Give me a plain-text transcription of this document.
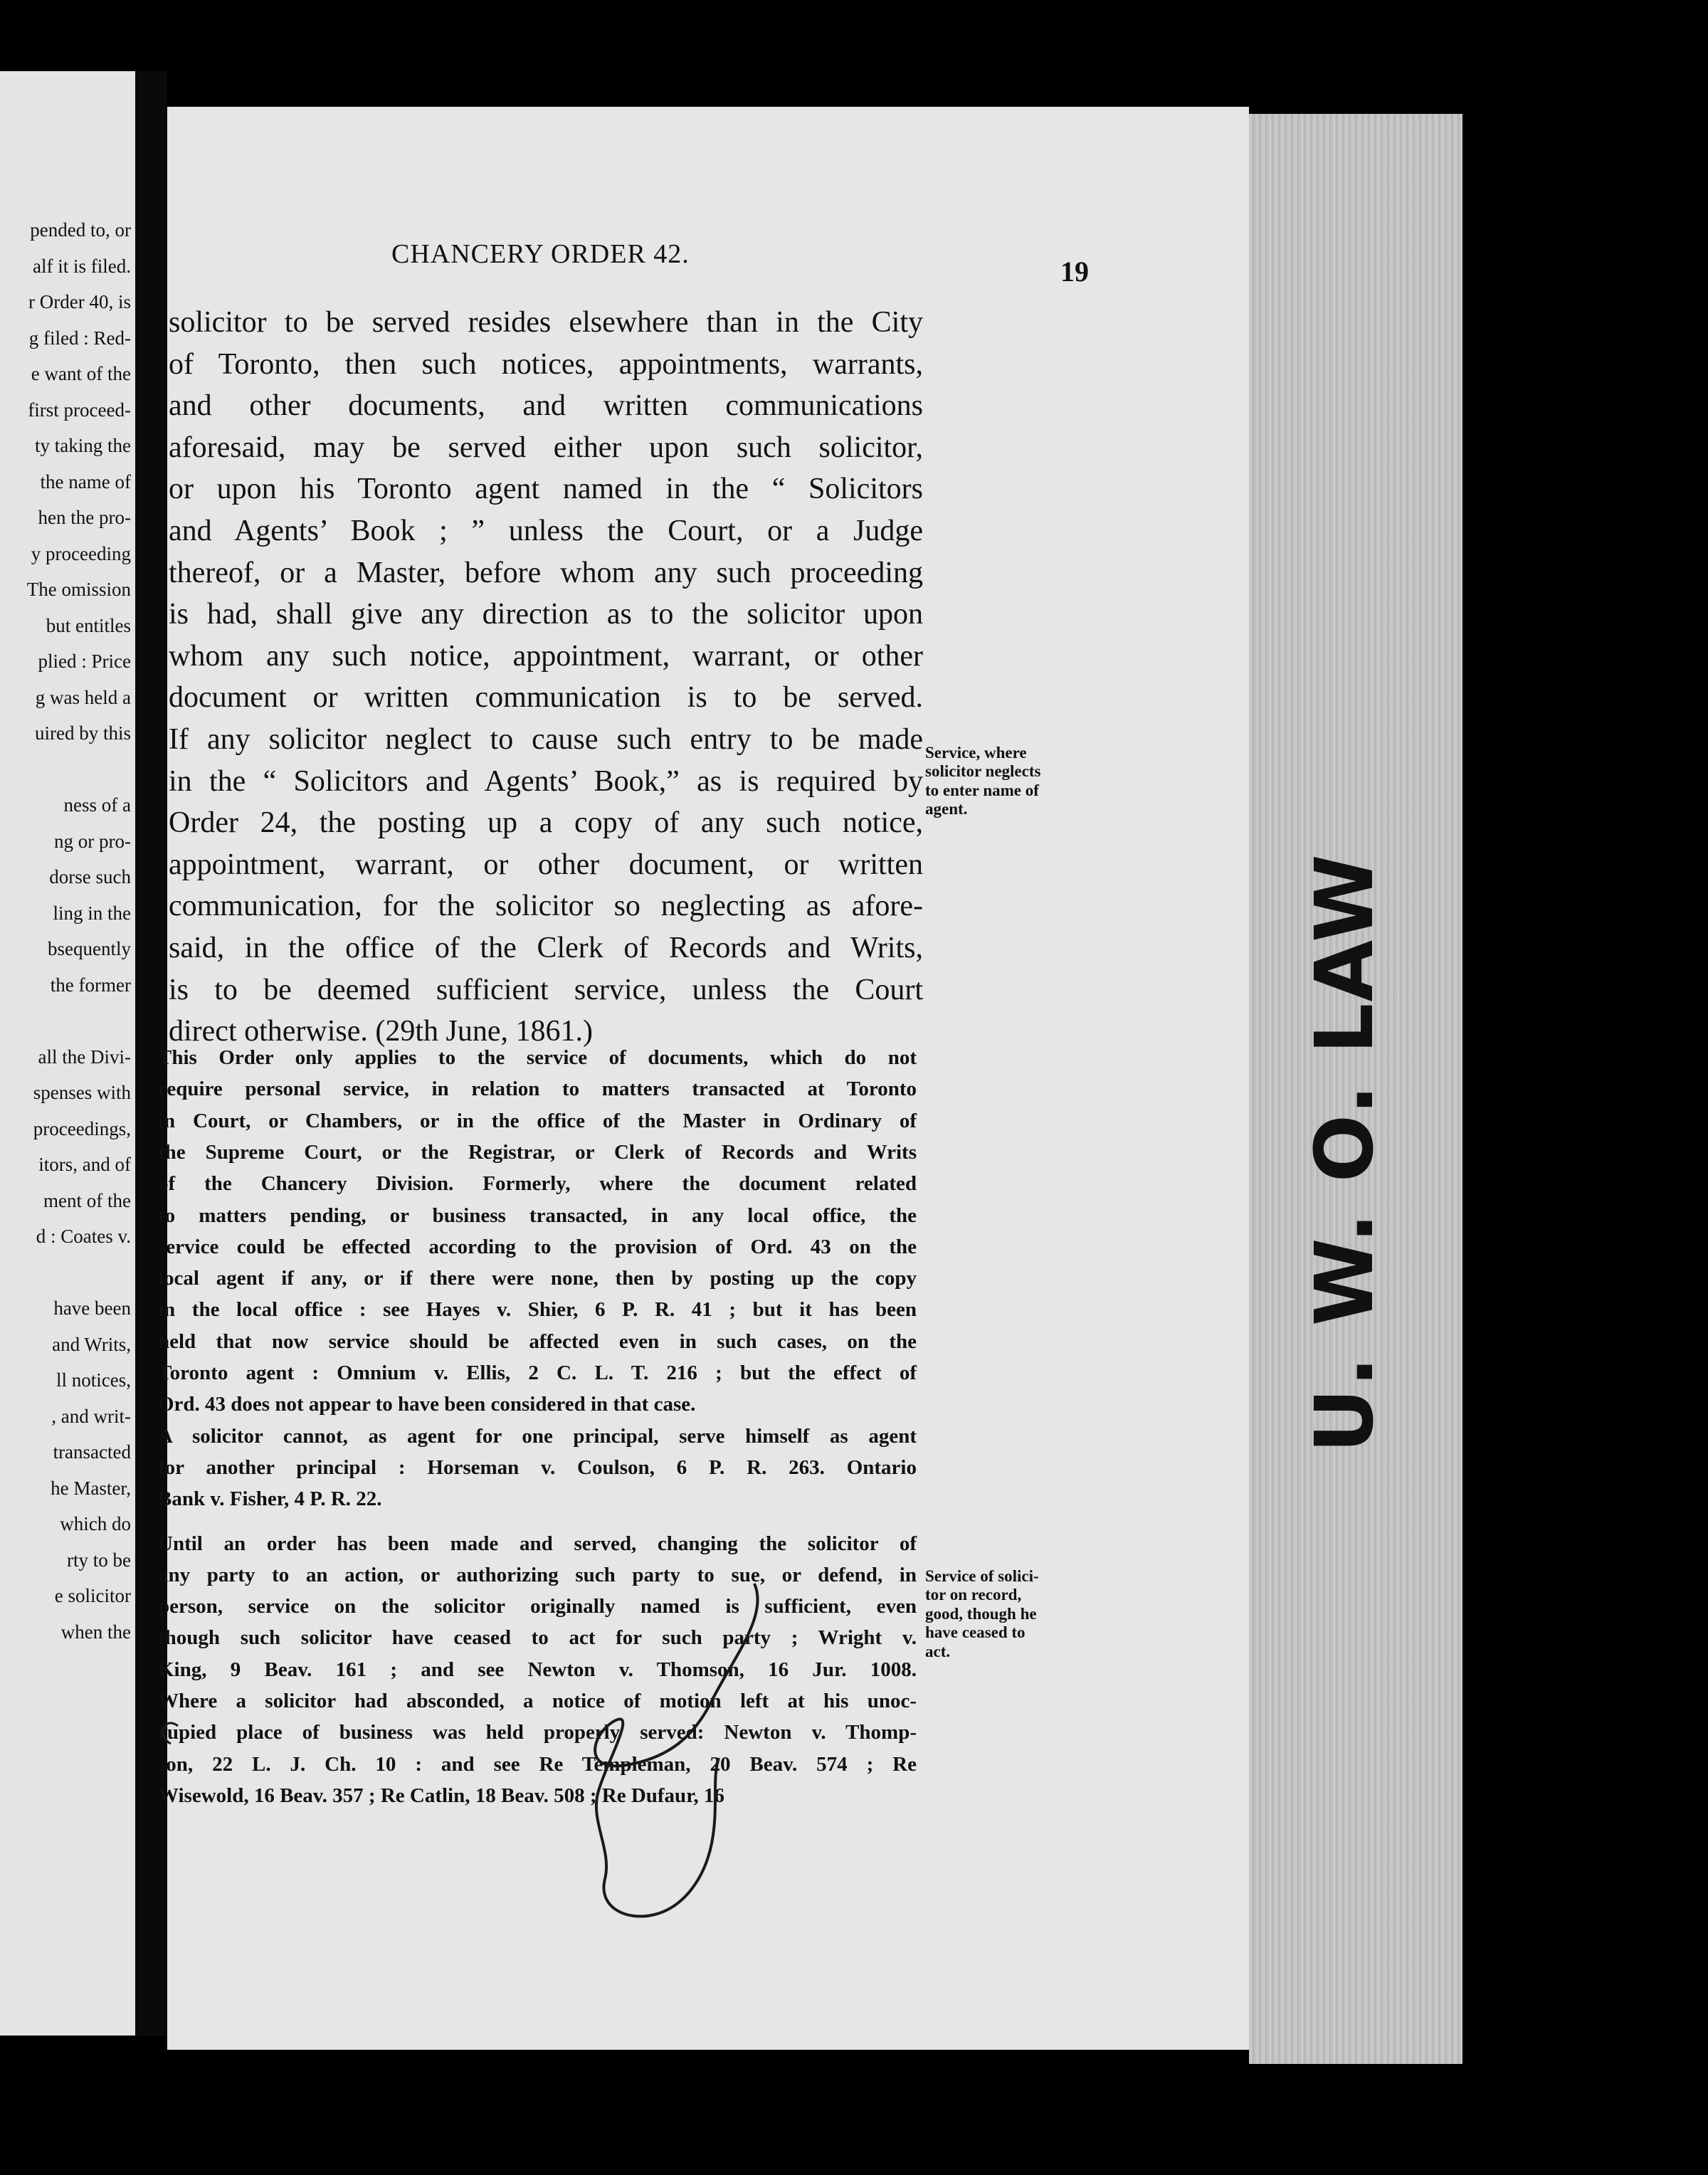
pended to, or
alf it is filed.
r Order 40, is
g filed : Red-
e want of the
first proceed-
ty taking the
the name of
hen the pro-
y proceeding
The omission
but entitles
plied : Price
g was held a
uired by this
ness of a
ng or pro-
dorse such
ling in the
bsequently
the former
all the Divi-
spenses with
proceedings,
itors, and of
ment of the
d : Coates v.
have been
and Writs,
ll notices,
, and writ-
transacted
he Master,
which do
rty to be
e solicitor
when the
U. W. O. LAW
CHANCERY ORDER 42.
19
solicitor to be served resides elsewhere than in the City
of Toronto, then such notices, appointments, warrants,
and other documents, and written communications
aforesaid, may be served either upon such solicitor,
or upon his Toronto agent named in the “ Solicitors
and Agents’ Book ; ” unless the Court, or a Judge
thereof, or a Master, before whom any such proceeding
is had, shall give any direction as to the solicitor upon
whom any such notice, appointment, warrant, or other
document or written communication is to be served.
If any solicitor neglect to cause such entry to be made
in the “ Solicitors and Agents’ Book,” as is required by
Order 24, the posting up a copy of any such notice,
appointment, warrant, or other document, or written
communication, for the solicitor so neglecting as afore-
said, in the office of the Clerk of Records and Writs,
is to be deemed sufficient service, unless the Court
direct otherwise. (29th June, 1861.)
This Order only applies to the service of documents, which do not
require personal service, in relation to matters transacted at Toronto
in Court, or Chambers, or in the office of the Master in Ordinary of
the Supreme Court, or the Registrar, or Clerk of Records and Writs
of the Chancery Division. Formerly, where the document related
to matters pending, or business transacted, in any local office, the
service could be effected according to the provision of Ord. 43 on the
local agent if any, or if there were none, then by posting up the copy
in the local office : see Hayes v. Shier, 6 P. R. 41 ; but it has been
held that now service should be affected even in such cases, on the
Toronto agent : Omnium v. Ellis, 2 C. L. T. 216 ; but the effect of
Ord. 43 does not appear to have been considered in that case.
A solicitor cannot, as agent for one principal, serve himself as agent
for another principal : Horseman v. Coulson, 6 P. R. 263. Ontario
Bank v. Fisher, 4 P. R. 22.
Until an order has been made and served, changing the solicitor of
any party to an action, or authorizing such party to sue, or defend, in
person, service on the solicitor originally named is sufficient, even
though such solicitor have ceased to act for such party ; Wright v.
King, 9 Beav. 161 ; and see Newton v. Thomson, 16 Jur. 1008.
Where a solicitor had absconded, a notice of motion left at his unoc-
cupied place of business was held properly served: Newton v. Thomp-
son, 22 L. J. Ch. 10 : and see Re Templeman, 20 Beav. 574 ; Re
Wisewold, 16 Beav. 357 ; Re Catlin, 18 Beav. 508 ; Re Dufaur, 16
Service, where
solicitor neglects
to enter name of
agent.
Service of solici-
tor on record,
good, though he
have ceased to
act.
